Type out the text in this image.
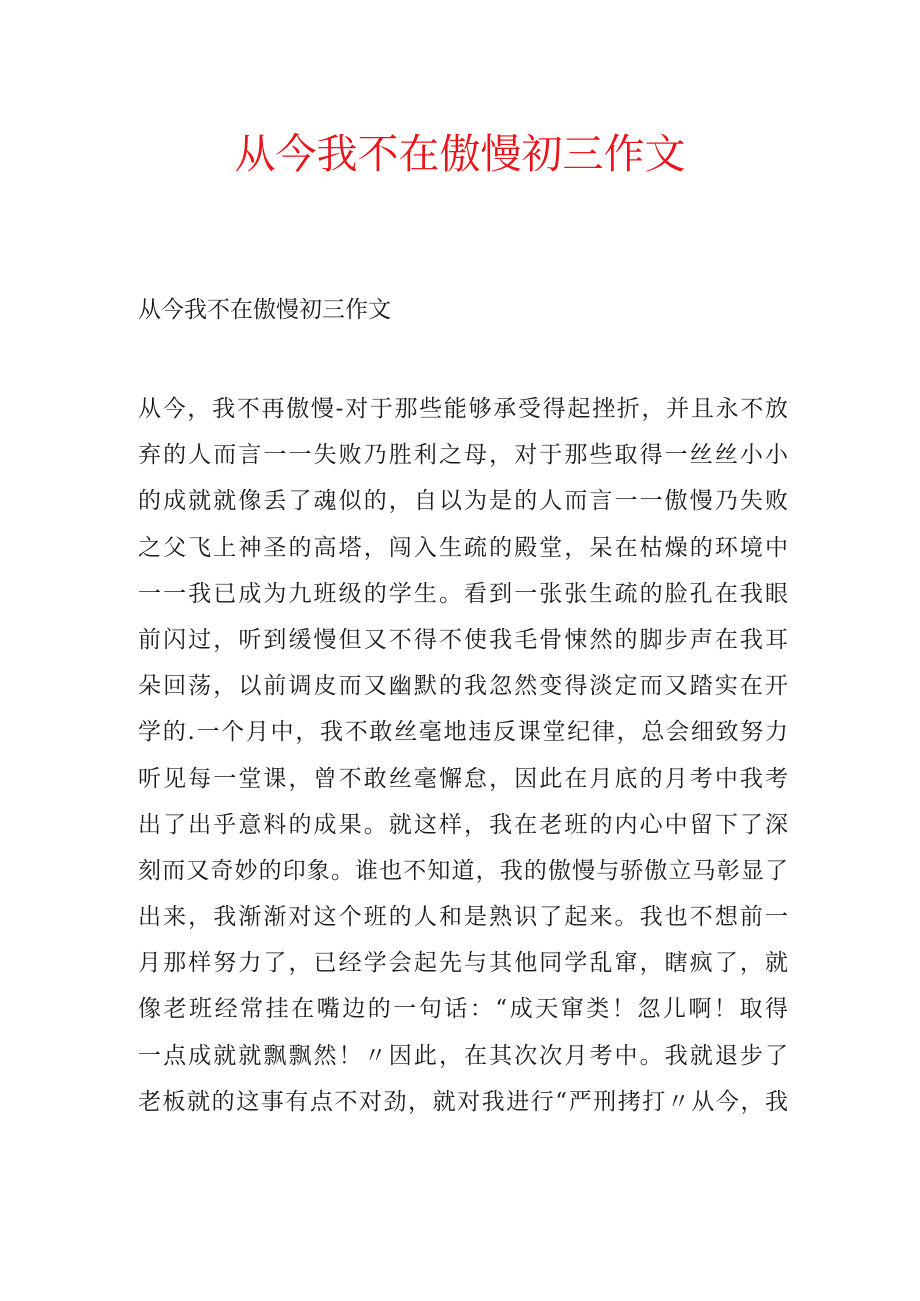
从今我不在傲慢初三作文

从今我不在傲慢初三作文

从今，我不再傲慢-对于那些能够承受得起挫折，并且永不放
弃的人而言一一失败乃胜利之母，对于那些取得一丝丝小小
的成就就像丢了魂似的，自以为是的人而言一一傲慢乃失败
之父飞上神圣的高塔，闯入生疏的殿堂，呆在枯燥的环境中
一一我已成为九班级的学生。看到一张张生疏的脸孔在我眼
前闪过，听到缓慢但又不得不使我毛骨悚然的脚步声在我耳
朵回荡，以前调皮而又幽默的我忽然变得淡定而又踏实在开
学的.一个月中，我不敢丝毫地违反课堂纪律，总会细致努力
听见每一堂课，曾不敢丝毫懈怠，因此在月底的月考中我考
出了出乎意料的成果。就这样，我在老班的内心中留下了深
刻而又奇妙的印象。谁也不知道，我的傲慢与骄傲立马彰显了
出来，我渐渐对这个班的人和是熟识了起来。我也不想前一
月那样努力了，已经学会起先与其他同学乱窜，瞎疯了，就
像老班经常挂在嘴边的一句话：“成天窜类！忽儿啊！取得
一点成就就飘飘然！〃因此，在其次次月考中。我就退步了
老板就的这事有点不对劲，就对我进行“严刑拷打〃从今，我
